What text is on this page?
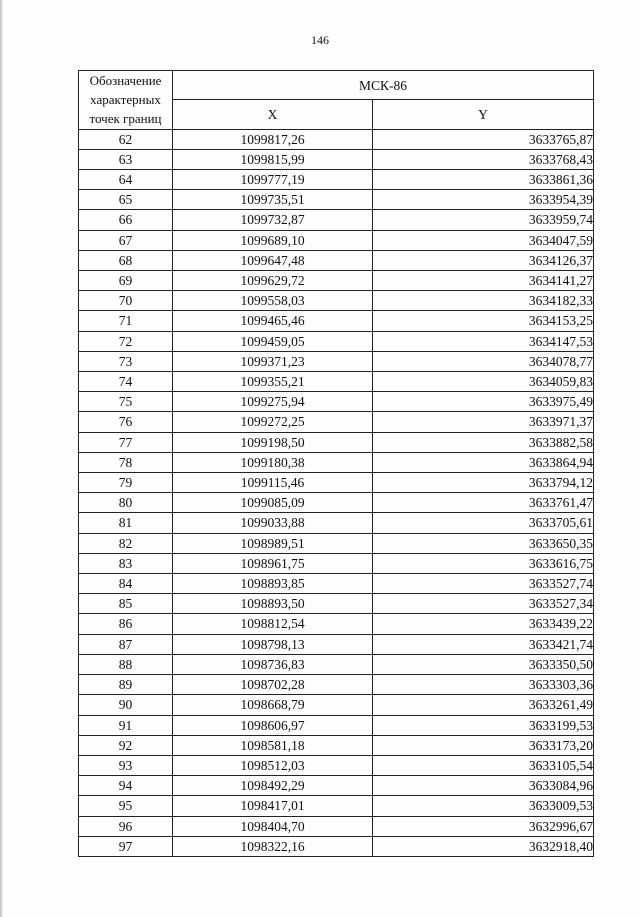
146
Обозначение характерных точек границ	МСК-86	
	X	Y
62	1099817,26	3633765,87
63	1099815,99	3633768,43
64	1099777,19	3633861,36
65	1099735,51	3633954,39
66	1099732,87	3633959,74
67	1099689,10	3634047,59
68	1099647,48	3634126,37
69	1099629,72	3634141,27
70	1099558,03	3634182,33
71	1099465,46	3634153,25
72	1099459,05	3634147,53
73	1099371,23	3634078,77
74	1099355,21	3634059,83
75	1099275,94	3633975,49
76	1099272,25	3633971,37
77	1099198,50	3633882,58
78	1099180,38	3633864,94
79	1099115,46	3633794,12
80	1099085,09	3633761,47
81	1099033,88	3633705,61
82	1098989,51	3633650,35
83	1098961,75	3633616,75
84	1098893,85	3633527,74
85	1098893,50	3633527,34
86	1098812,54	3633439,22
87	1098798,13	3633421,74
88	1098736,83	3633350,50
89	1098702,28	3633303,36
90	1098668,79	3633261,49
91	1098606,97	3633199,53
92	1098581,18	3633173,20
93	1098512,03	3633105,54
94	1098492,29	3633084,96
95	1098417,01	3633009,53
96	1098404,70	3632996,67
97	1098322,16	3632918,40
